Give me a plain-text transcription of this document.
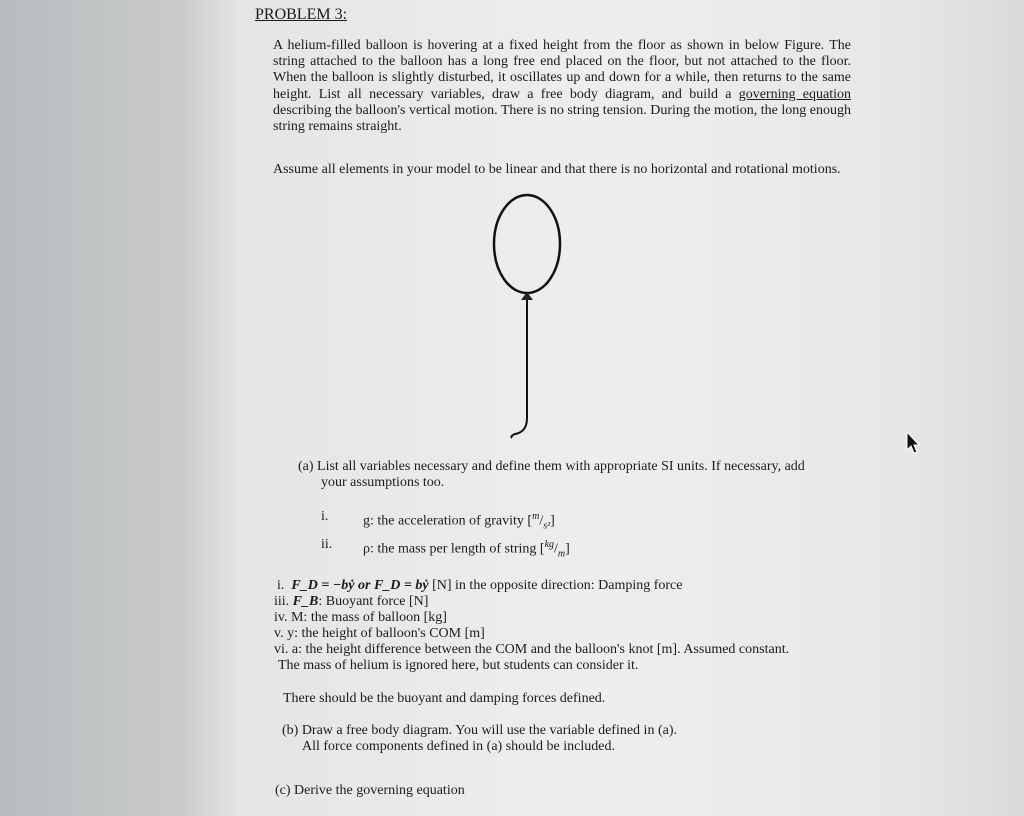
PROBLEM 3:
A helium-filled balloon is hovering at a fixed height from the floor as shown in below Figure. The string attached to the balloon has a long free end placed on the floor, but not attached to the floor. When the balloon is slightly disturbed, it oscillates up and down for a while, then returns to the same height. List all necessary variables, draw a free body diagram, and build a governing equation describing the balloon's vertical motion. There is no string tension. During the motion, the long enough string remains straight.
Assume all elements in your model to be linear and that there is no horizontal and rotational motions.
(a) List all variables necessary and define them with appropriate SI units. If necessary, add
your assumptions too.
i. g: the acceleration of gravity $[^m/_{s^2}]$
ii. ρ: the mass per length of string $[^{kg}/_m]$
i. F_D = −bẏ or F_D = bẏ [N] in the opposite direction: Damping force
iii. F_B: Buoyant force [N]
iv. M: the mass of balloon [kg]
v. y: the height of balloon's COM [m]
vi. a: the height difference between the COM and the balloon's knot [m]. Assumed constant.
The mass of helium is ignored here, but students can consider it.
There should be the buoyant and damping forces defined.
(b) Draw a free body diagram. You will use the variable defined in (a).
All force components defined in (a) should be included.
(c) Derive the governing equation
